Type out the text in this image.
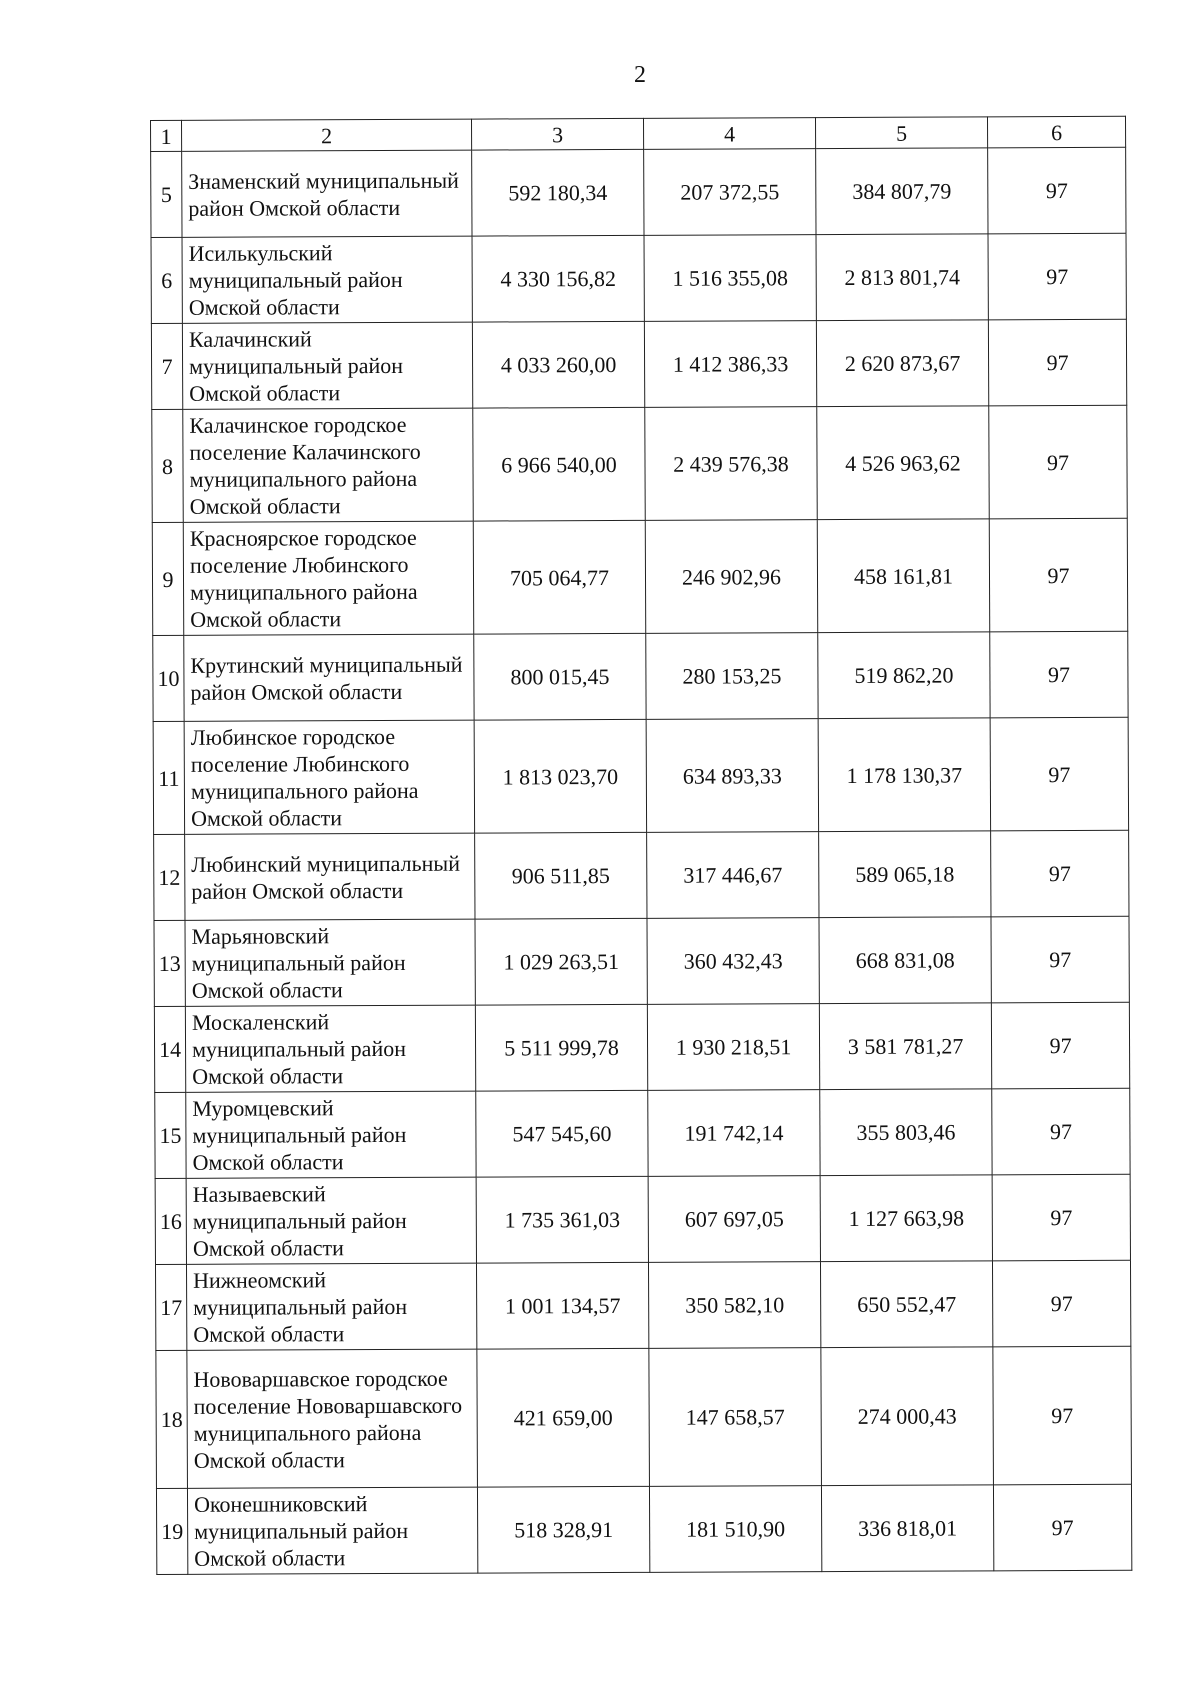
2
1	2	3	4	5	6
5	Знаменский муниципальный район Омской области	592 180,34	207 372,55	384 807,79	97
6	Исилькульский муниципальный район Омской области	4 330 156,82	1 516 355,08	2 813 801,74	97
7	Калачинский муниципальный район Омской области	4 033 260,00	1 412 386,33	2 620 873,67	97
8	Калачинское городское поселение Калачинского муниципального района Омской области	6 966 540,00	2 439 576,38	4 526 963,62	97
9	Красноярское городское поселение Любинского муниципального района Омской области	705 064,77	246 902,96	458 161,81	97
10	Крутинский муниципальный район Омской области	800 015,45	280 153,25	519 862,20	97
11	Любинское городское поселение Любинского муниципального района Омской области	1 813 023,70	634 893,33	1 178 130,37	97
12	Любинский муниципальный район Омской области	906 511,85	317 446,67	589 065,18	97
13	Марьяновский муниципальный район Омской области	1 029 263,51	360 432,43	668 831,08	97
14	Москаленский муниципальный район Омской области	5 511 999,78	1 930 218,51	3 581 781,27	97
15	Муромцевский муниципальный район Омской области	547 545,60	191 742,14	355 803,46	97
16	Называевский муниципальный район Омской области	1 735 361,03	607 697,05	1 127 663,98	97
17	Нижнеомский муниципальный район Омской области	1 001 134,57	350 582,10	650 552,47	97
18	Нововаршавское городское поселение Нововаршавского муниципального района Омской области	421 659,00	147 658,57	274 000,43	97
19	Оконешниковский муниципальный район Омской области	518 328,91	181 510,90	336 818,01	97
